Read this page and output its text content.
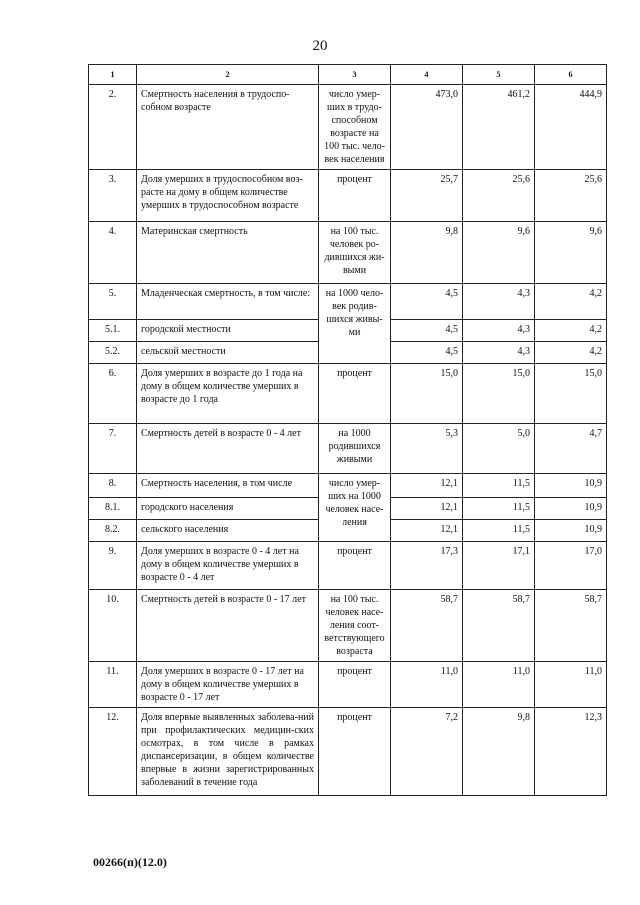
20
1	2	3	4	5	6
2.	Смертность населения в трудоспо-собном возрасте	число умер-ших в трудо-способном возрасте на 100 тыс. чело-век населения	473,0	461,2	444,9
3.	Доля умерших в трудоспособном воз-расте на дому в общем количестве умерших в трудоспособном возрасте	процент	25,7	25,6	25,6
4.	Материнская смертность	на 100 тыс. человек ро-дившихся жи-выми	9,8	9,6	9,6
5.	Младенческая смертность, в том числе:	на 1000 чело-век родив-шихся живы-ми	4,5	4,3	4,2
5.1.	городской местности		4,5	4,3	4,2
5.2.	сельской местности		4,5	4,3	4,2
6.	Доля умерших в возрасте до 1 года на дому в общем количестве умерших в возрасте до 1 года	процент	15,0	15,0	15,0
7.	Смертность детей в возрасте 0 - 4 лет	на 1000 родившихся живыми	5,3	5,0	4,7
8.	Смертность населения, в том числе	число умер-ших на 1000 человек насе-ления	12,1	11,5	10,9
8.1.	городского населения		12,1	11,5	10,9
8.2.	сельского населения		12,1	11,5	10,9
9.	Доля умерших в возрасте 0 - 4 лет на дому в общем количестве умерших в возрасте 0 - 4 лет	процент	17,3	17,1	17,0
10.	Смертность детей в возрасте 0 - 17 лет	на 100 тыс. человек насе-ления соот-ветствующего возраста	58,7	58,7	58,7
11.	Доля умерших в возрасте 0 - 17 лет на дому в общем количестве умерших в возрасте 0 - 17 лет	процент	11,0	11,0	11,0
12.	Доля впервые выявленных заболева-ний при профилактических медицин-ских осмотрах, в том числе в рамках диспансеризации, в общем количестве впервые в жизни зарегистрированных заболеваний в течение года	процент	7,2	9,8	12,3
00266(п)(12.0)
